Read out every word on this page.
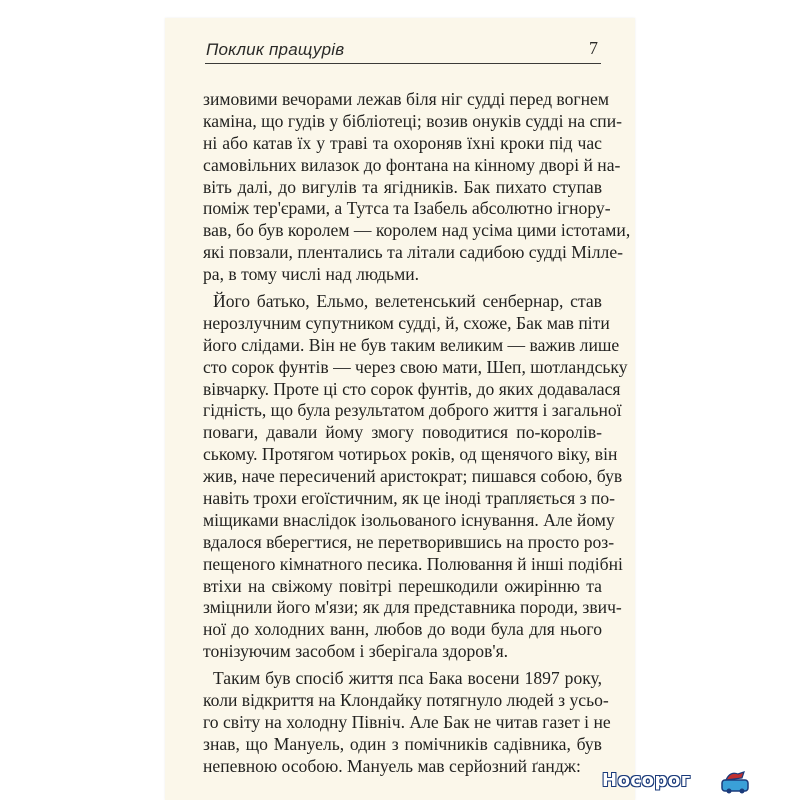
Поклик пращурів	7
зимовими вечорами лежав біля ніг судді перед вогнем
каміна, що гудів у бібліотеці; возив онуків судді на спи-
ні або катав їх у траві та охороняв їхні кроки під час
самовільних вилазок до фонтана на кінному дворі й на-
віть далі, до вигулів та ягідників. Бак пихато ступав
поміж тер'єрами, а Тутса та Ізабель абсолютно ігнору-
вав, бо був королем — королем над усіма цими істотами,
які повзали, плентались та літали садибою судді Мілле-
ра, в тому числі над людьми.
Його батько, Ельмо, велетенський сенбернар, став
нерозлучним супутником судді, й, схоже, Бак мав піти
його слідами. Він не був таким великим — важив лише
сто сорок фунтів — через свою мати, Шеп, шотландську
вівчарку. Проте ці сто сорок фунтів, до яких додавалася
гідність, що була результатом доброго життя і загальної
поваги, давали йому змогу поводитися по-королів-
ському. Протягом чотирьох років, од щенячого віку, він
жив, наче пересичений аристократ; пишався собою, був
навіть трохи егоїстичним, як це іноді трапляється з по-
міщиками внаслідок ізольованого існування. Але йому
вдалося вберегтися, не перетворившись на просто роз-
пещеного кімнатного песика. Полювання й інші подібні
втіхи на свіжому повітрі перешкодили ожирінню та
зміцнили його м'язи; як для представника породи, звич-
ної до холодних ванн, любов до води була для нього
тонізуючим засобом і зберігала здоров'я.
Таким був спосіб життя пса Бака восени 1897 року,
коли відкриття на Клондайку потягнуло людей з усьо-
го світу на холодну Північ. Але Бак не читав газет і не
знав, що Мануель, один з помічників садівника, був
непевною особою. Мануель мав серйозний ґандж:
Носорог
